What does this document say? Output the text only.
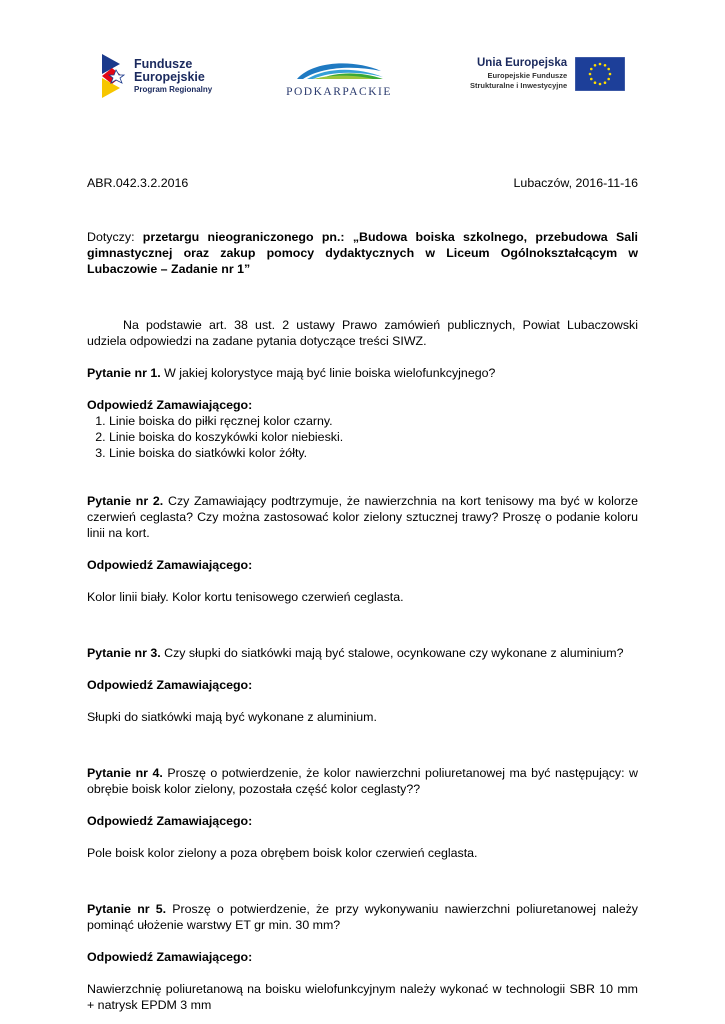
Fundusze
Europejskie
Program Regionalny	PODKARPACKIE
Unia Europejska
Europejskie Fundusze
Strukturalne i Inwestycyjne
ABR.042.3.2.2016	Lubaczów, 2016-11-16

Dotyczy: przetargu nieograniczonego pn.: „Budowa boiska szkolnego, przebudowa Sali gimnastycznej oraz zakup pomocy dydaktycznych w Liceum Ogólnokształcącym w Lubaczowie – Zadanie nr 1”

Na podstawie art. 38 ust. 2 ustawy Prawo zamówień publicznych, Powiat Lubaczowski udziela odpowiedzi na zadane pytania dotyczące treści SIWZ.

Pytanie nr 1. W jakiej kolorystyce mają być linie boiska wielofunkcyjnego?

Odpowiedź Zamawiającego:

1. Linie boiska do piłki ręcznej kolor czarny.
2. Linie boiska do koszykówki kolor niebieski.
3. Linie boiska do siatkówki kolor żółty.

Pytanie nr 2. Czy Zamawiający podtrzymuje, że nawierzchnia na kort tenisowy ma być w kolorze czerwień ceglasta? Czy można zastosować kolor zielony sztucznej trawy? Proszę o podanie koloru linii na kort.

Odpowiedź Zamawiającego:

Kolor linii biały. Kolor kortu tenisowego czerwień ceglasta.

Pytanie nr 3. Czy słupki do siatkówki mają być stalowe, ocynkowane czy wykonane z aluminium?

Odpowiedź Zamawiającego:

Słupki do siatkówki mają być wykonane z aluminium.

Pytanie nr 4. Proszę o potwierdzenie, że kolor nawierzchni poliuretanowej ma być następujący: w obrębie boisk kolor zielony, pozostała część kolor ceglasty??

Odpowiedź Zamawiającego:

Pole boisk kolor zielony a poza obrębem boisk kolor czerwień ceglasta.

Pytanie nr 5. Proszę o potwierdzenie, że przy wykonywaniu nawierzchni poliuretanowej należy pominąć ułożenie warstwy ET gr min. 30 mm?

Odpowiedź Zamawiającego:

Nawierzchnię poliuretanową na boisku wielofunkcyjnym należy wykonać w technologii SBR 10 mm + natrysk EPDM 3 mm
